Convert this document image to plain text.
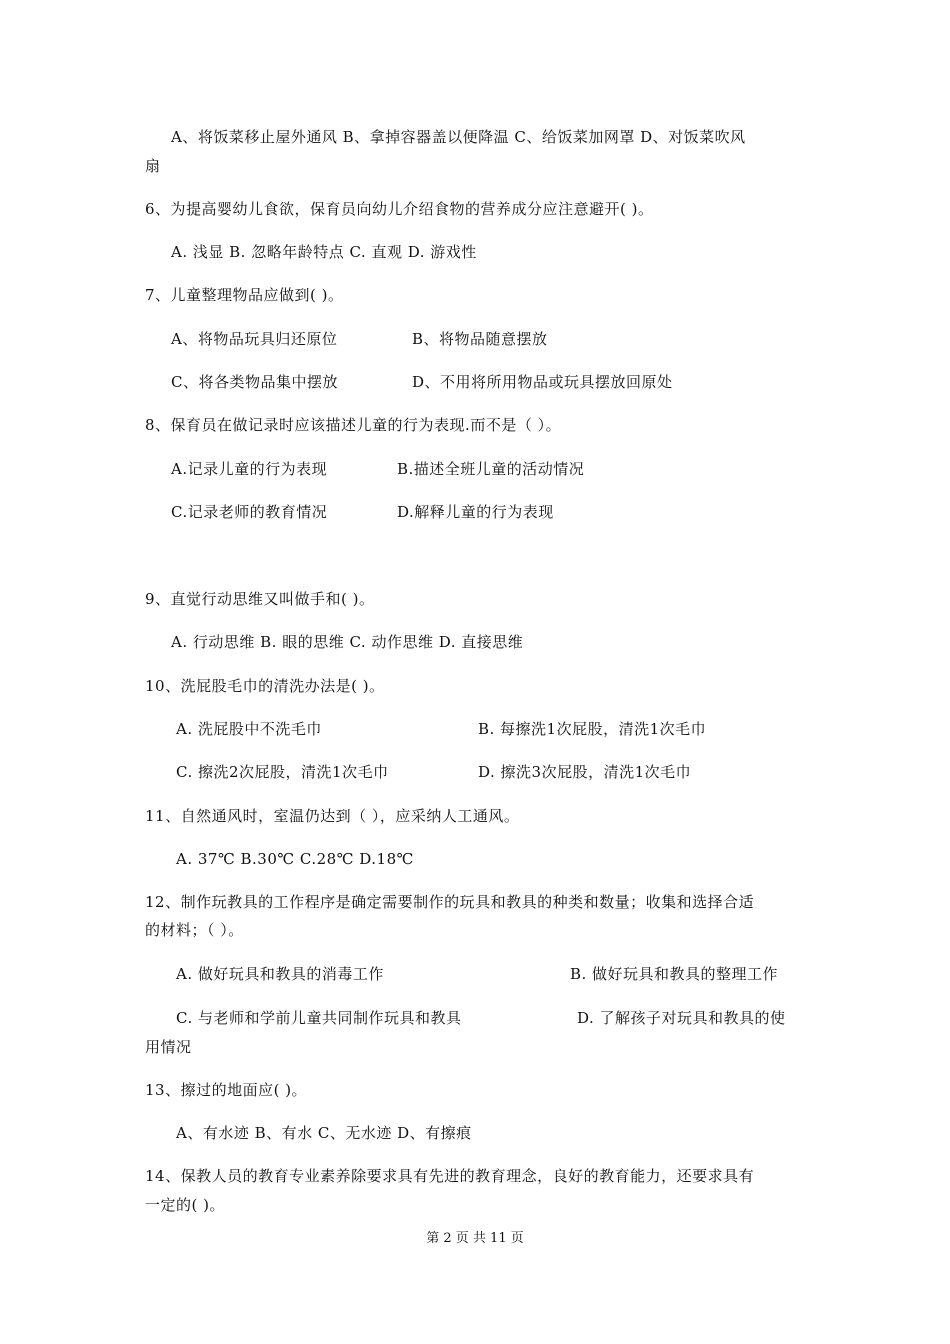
A、将饭菜移止屋外通风 B、拿掉容器盖以便降温 C、给饭菜加网罩 D、对饭菜吹风
扇
6、为提高婴幼儿食欲，保育员向幼儿介绍食物的营养成分应注意避开( )。
A. 浅显 B. 忽略年龄特点 C. 直观 D. 游戏性
7、儿童整理物品应做到( )。
A、将物品玩具归还原位	B、将物品随意摆放
C、将各类物品集中摆放	D、不用将所用物品或玩具摆放回原处
8、保育员在做记录时应该描述儿童的行为表现.而不是（ ）。
A.记录儿童的行为表现	B.描述全班儿童的活动情况
C.记录老师的教育情况	D.解释儿童的行为表现
9、直觉行动思维又叫做手和( )。
A. 行动思维 B. 眼的思维 C. 动作思维 D. 直接思维
10、洗屁股毛巾的清洗办法是( )。
A. 洗屁股中不洗毛巾	B. 每擦洗1次屁股，清洗1次毛巾
C. 擦洗2次屁股，清洗1次毛巾	D. 擦洗3次屁股，清洗1次毛巾
11、自然通风时，室温仍达到（ ），应采纳人工通风。
A. 37℃ B.30℃ C.28℃ D.18℃
12、制作玩教具的工作程序是确定需要制作的玩具和教具的种类和数量；收集和选择合适
的材料；（ ）。
A. 做好玩具和教具的消毒工作	B. 做好玩具和教具的整理工作
C. 与老师和学前儿童共同制作玩具和教具	D. 了解孩子对玩具和教具的使
用情况
13、擦过的地面应( )。
A、有水迹 B、有水 C、无水迹 D、有擦痕
14、保教人员的教育专业素养除要求具有先进的教育理念，良好的教育能力，还要求具有
一定的( )。
第 2 页 共 11 页
